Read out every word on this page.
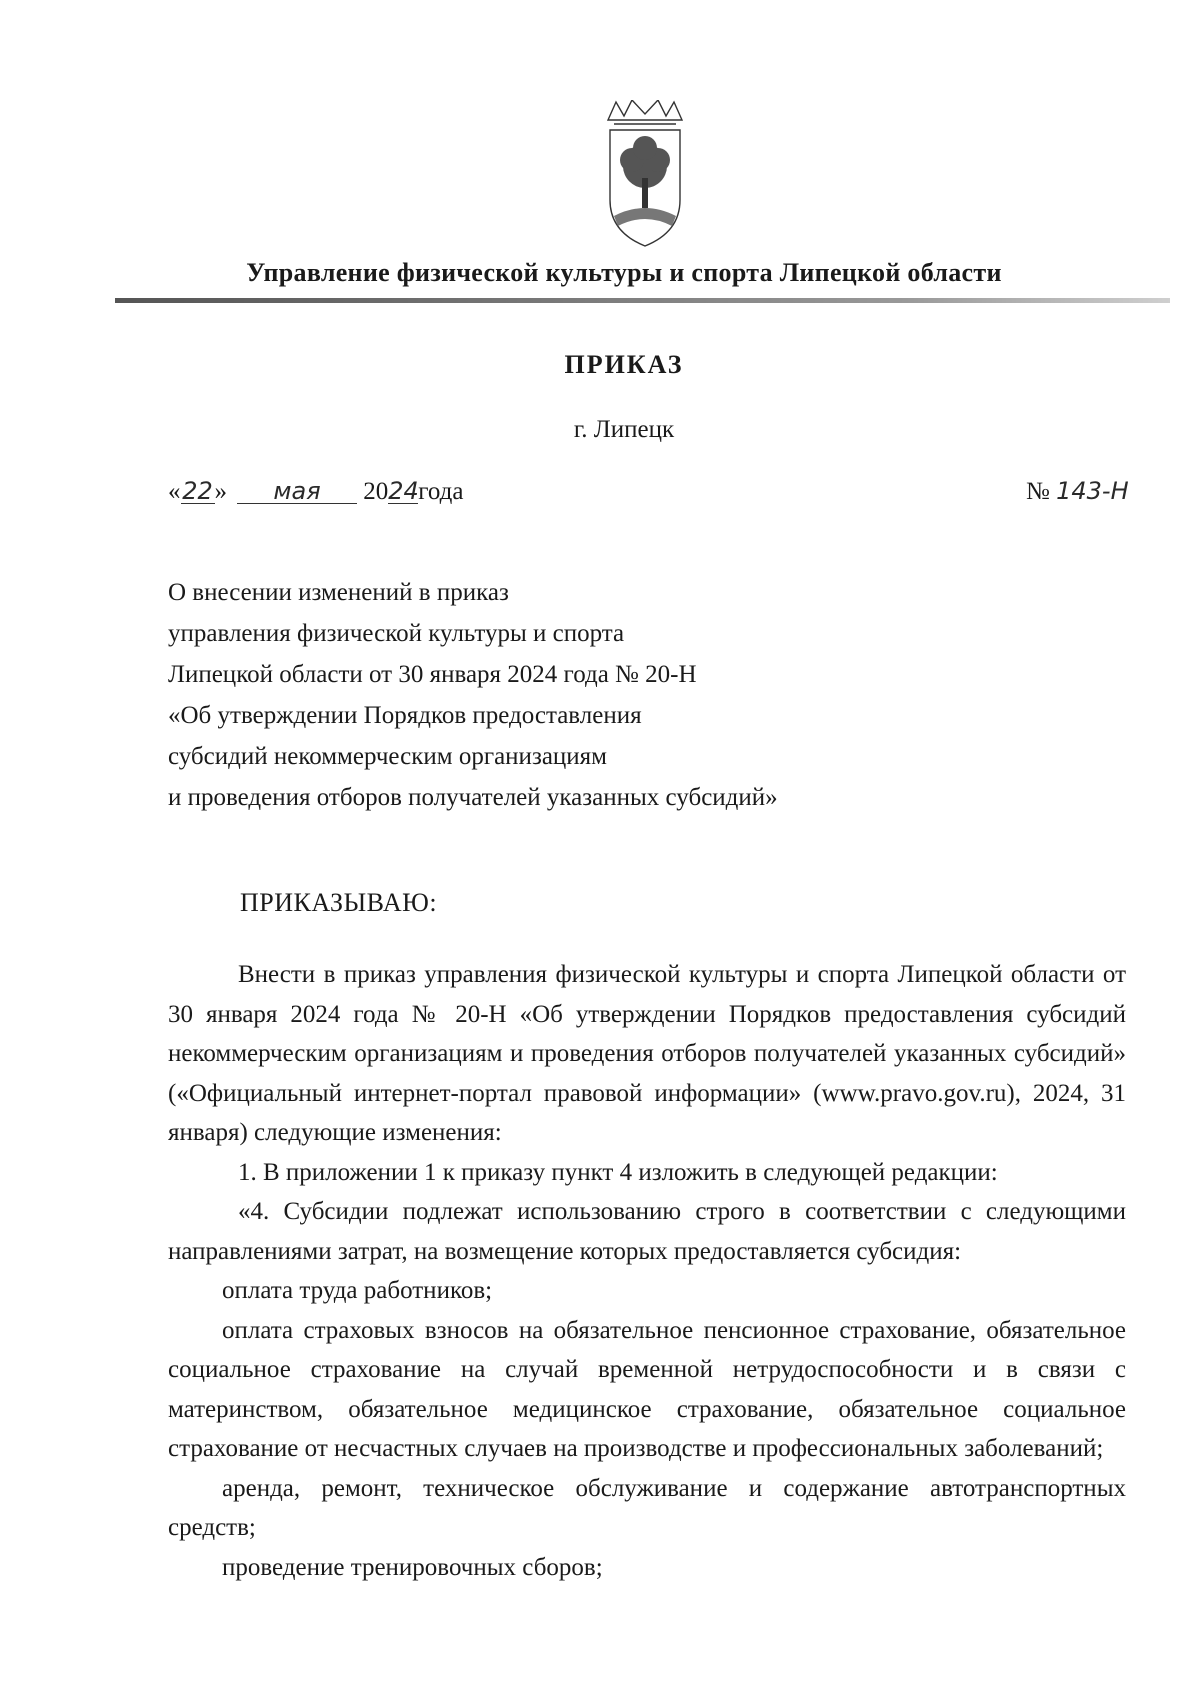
Управление физической культуры и спорта Липецкой области
ПРИКАЗ
г. Липецк
«22» мая 2024года	№ 143-Н
О внесении изменений в приказ
управления физической культуры и спорта
Липецкой области от 30 января 2024 года № 20-Н
«Об утверждении Порядков предоставления
субсидий некоммерческим организациям
и проведения отборов получателей указанных субсидий»
ПРИКАЗЫВАЮ:

Внести в приказ управления физической культуры и спорта Липецкой области от 30 января 2024 года № 20-Н «Об утверждении Порядков предоставления субсидий некоммерческим организациям и проведения отборов получателей указанных субсидий» («Официальный интернет-портал правовой информации» (www.pravo.gov.ru), 2024, 31 января) следующие изменения:

1. В приложении 1 к приказу пункт 4 изложить в следующей редакции:

«4. Субсидии подлежат использованию строго в соответствии с следующими направлениями затрат, на возмещение которых предоставляется субсидия:

оплата труда работников;

оплата страховых взносов на обязательное пенсионное страхование, обязательное социальное страхование на случай временной нетрудоспособности и в связи с материнством, обязательное медицинское страхование, обязательное социальное страхование от несчастных случаев на производстве и профессиональных заболеваний;

аренда, ремонт, техническое обслуживание и содержание автотранспортных средств;

проведение тренировочных сборов;
